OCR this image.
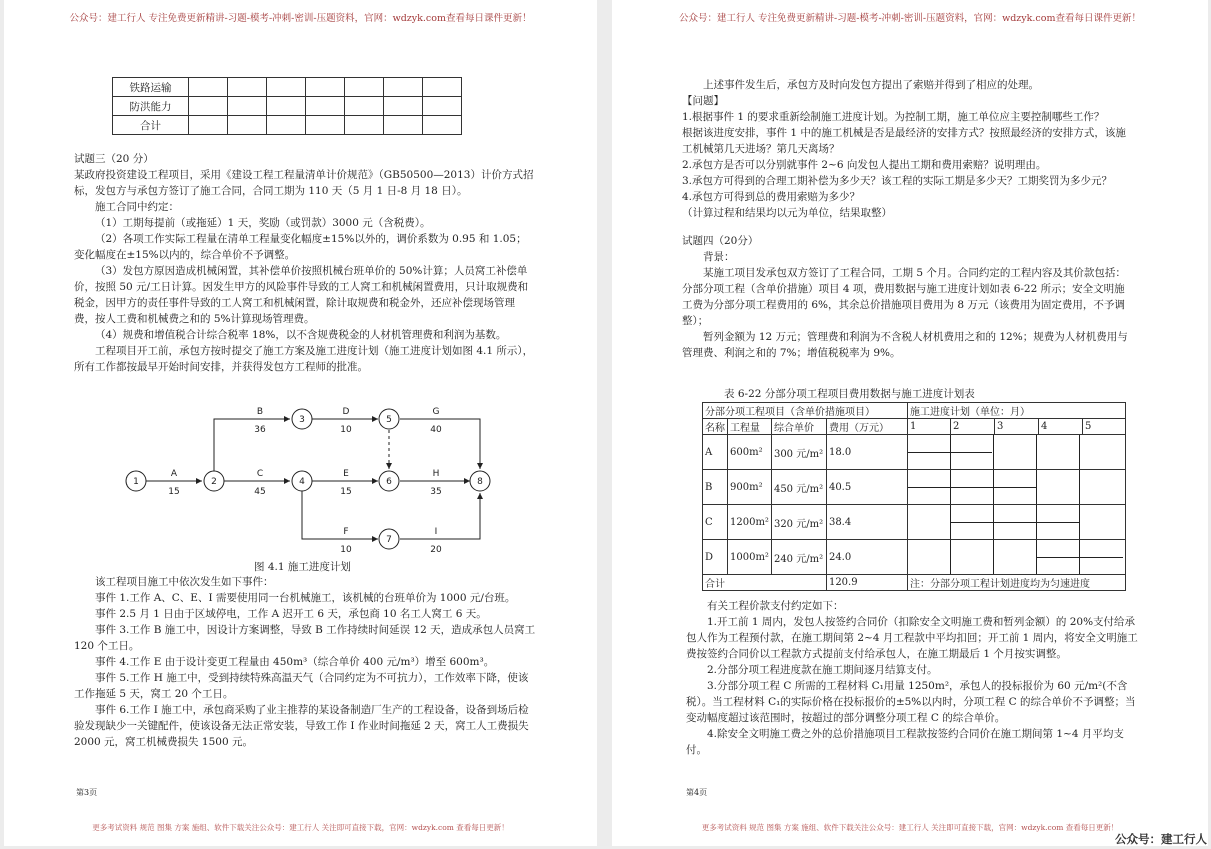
公众号：建工行人 专注免费更新精讲-习题-模考-冲刺-密训-压题资料，官网：wdzyk.com查看每日课件更新！
铁路运输							
防洪能力							
合计							

试题三（20 分）

某政府投资建设工程项目，采用《建设工程工程量清单计价规范》（GB50500—2013）计价方式招标，发包方与承包方签订了施工合同，合同工期为 110 天（5 月 1 日-8 月 18 日）。

施工合同中约定：

（1）工期每提前（或拖延）1 天，奖励（或罚款）3000 元（含税费）。

（2）各项工作实际工程量在清单工程量变化幅度±15%以外的，调价系数为 0.95 和 1.05；变化幅度在±15%以内的，综合单价不予调整。

（3）发包方原因造成机械闲置，其补偿单价按照机械台班单价的 50%计算；人员窝工补偿单价，按照 50 元/工日计算。因发生甲方的风险事件导致的工人窝工和机械闲置费用，只计取规费和税金，因甲方的责任事件导致的工人窝工和机械闲置，除计取规费和税金外，还应补偿现场管理费，按人工费和机械费之和的 5%计算现场管理费。

（4）规费和增值税合计综合税率 18%，以不含规费税金的人材机管理费和利润为基数。

工程项目开工前，承包方按时提交了施工方案及施工进度计划（施工进度计划如图 4.1 所示），所有工作都按最早开始时间安排，并获得发包方工程师的批准。

1	2
3
4
5
6
7
8
A
15
B
36
C
45
D
10
E
15
F
10
G
40
H
35
I
20
图 4.1 施工进度计划

该工程项目施工中依次发生如下事件：

事件 1.工作 A、C、E、I 需要使用同一台机械施工，该机械的台班单价为 1000 元/台班。

事件 2.5 月 1 日由于区域停电，工作 A 迟开工 6 天，承包商 10 名工人窝工 6 天。

事件 3.工作 B 施工中，因设计方案调整，导致 B 工作持续时间延误 12 天，造成承包人员窝工 120 个工日。

事件 4.工作 E 由于设计变更工程量由 450m³（综合单价 400 元/m³）增至 600m³。

事件 5.工作 H 施工中，受到持续特殊高温天气（合同约定为不可抗力），工作效率下降，使该工作拖延 5 天，窝工 20 个工日。

事件 6.工作 I 施工中，承包商采购了业主推荐的某设备制造厂生产的工程设备，设备到场后检验发现缺少一关键配件，使该设备无法正常安装，导致工作 I 作业时间拖延 2 天，窝工人工费损失 2000 元，窝工机械费损失 1500 元。

第3页
更多考试资料 规范 图集 方案 施组、软件下载关注公众号：建工行人 关注即可直接下载，官网：wdzyk.com 查看每日更新！
公众号：建工行人 专注免费更新精讲-习题-模考-冲刺-密训-压题资料，官网：wdzyk.com查看每日课件更新！

上述事件发生后，承包方及时向发包方提出了索赔并得到了相应的处理。

【问题】

1.根据事件 1 的要求重新绘制施工进度计划。为控制工期，施工单位应主要控制哪些工作？

根据该进度安排，事件 1 中的施工机械是否是最经济的安排方式？按照最经济的安排方式，该施工机械第几天进场？第几天离场？

2.承包方是否可以分别就事件 2~6 向发包人提出工期和费用索赔？说明理由。

3.承包方可得到的合理工期补偿为多少天？该工程的实际工期是多少天？工期奖罚为多少元？

4.承包方可得到总的费用索赔为多少？

（计算过程和结果均以元为单位，结果取整）

试题四（20分）

背景：

某施工项目发承包双方签订了工程合同，工期 5 个月。合同约定的工程内容及其价款包括：分部分项工程（含单价措施）项目 4 项，费用数据与施工进度计划如表 6-22 所示；安全文明施工费为分部分项工程费用的 6%，其余总价措施项目费用为 8 万元（该费用为固定费用，不予调整）；

暂列金额为 12 万元；管理费和利润为不含税人材机费用之和的 12%；规费为人材机费用与管理费、利润之和的 7%；增值税税率为 9%。

表 6-22 分部分项工程项目费用数据与施工进度计划表
分部分项工程项目（含单价措施项目）				施工进度计划（单位：月）				
名称	工程量	综合单价	费用（万元）	1	2	3	4	5
A	600m²	300 元/m²	18.0					

B	900m²	450 元/m²	40.5					

C	1200m²	320 元/m²	38.4					

D	1000m²	240 元/m²	24.0					

合计			120.9	注：分部分项工程计划进度均为匀速进度				

有关工程价款支付约定如下：

1.开工前 1 周内，发包人按签约合同价（扣除安全文明施工费和暂列金额）的 20%支付给承包人作为工程预付款，在施工期间第 2~4 月工程款中平均扣回；开工前 1 周内，将安全文明施工费按签约合同价以工程款方式提前支付给承包人，在施工期最后 1 个月按实调整。

2.分部分项工程进度款在施工期间逐月结算支付。

3.分部分项工程 C 所需的工程材料 C₁用量 1250m²，承包人的投标报价为 60 元/m²(不含税）。当工程材料 C₁的实际价格在投标报价的±5%以内时，分项工程 C 的综合单价不予调整；当变动幅度超过该范围时，按超过的部分调整分项工程 C 的综合单价。

4.除安全文明施工费之外的总价措施项目工程款按签约合同价在施工期间第 1~4 月平均支付。

第4页
更多考试资料 规范 图集 方案 施组、软件下载关注公众号：建工行人 关注即可直接下载，官网：wdzyk.com 查看每日更新！
公众号：建工行人
